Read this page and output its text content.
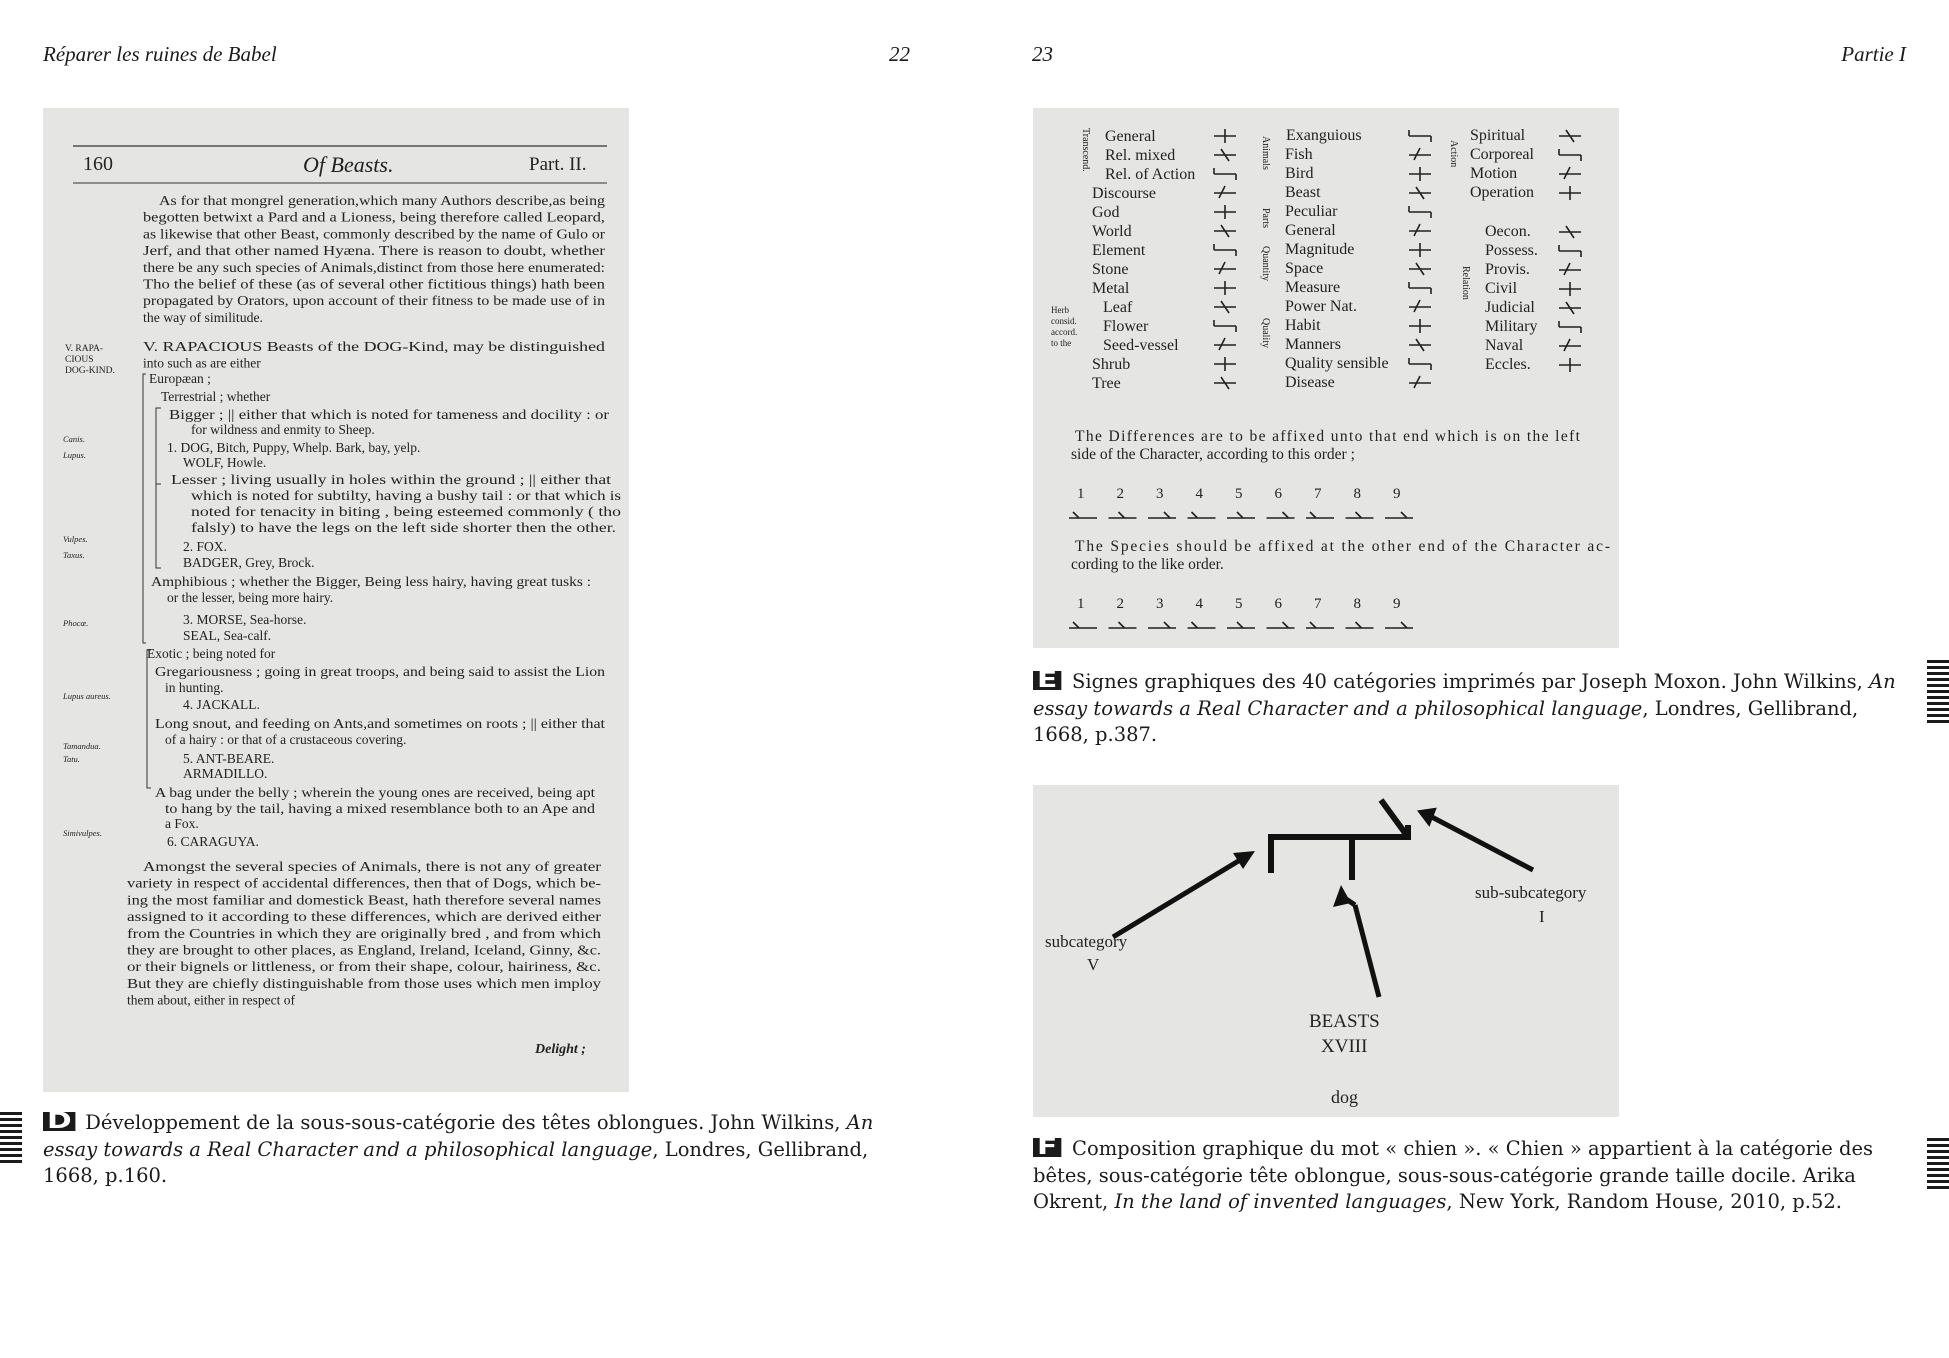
Réparer les ruines de Babel	22	23	Partie I
160	Of Beasts.	Part. II.
As for that mongrel generation,which many Authors describe,as being
begotten betwixt a Pard and a Lioness, being therefore called Leopard,
as likewise that other Beast, commonly described by the name of Gulo or
Jerf, and that other named Hyæna. There is reason to doubt, whether
there be any such species of Animals,distinct from those here enumerated:
Tho the belief of these (as of several other fictitious things) hath been
propagated by Orators, upon account of their fitness to be made use of in
the way of similitude.
V. RAPA-
CIOUS
DOG-KIND.
V. RAPACIOUS Beasts of the DOG-Kind, may be distinguished
into such as are either
Canis.
Lupus.
Vulpes.
Taxus.
Phocæ.
Lupus aureus.
Tamandua.
Tatu.
Simivulpes.
Europæan ;
Terrestrial ; whether
Bigger ; || either that which is noted for tameness and docility : or
for wildness and enmity to Sheep.
1. DOG, Bitch, Puppy, Whelp. Bark, bay, yelp.
WOLF, Howle.
Lesser ; living usually in holes within the ground ; || either that
which is noted for subtilty, having a bushy tail : or that which is
noted for tenacity in biting , being esteemed commonly ( tho
falsly) to have the legs on the left side shorter then the other.
2. FOX.
BADGER, Grey, Brock.
Amphibious ; whether the Bigger, Being less hairy, having great tusks :
or the lesser, being more hairy.
3. MORSE, Sea-horse.
SEAL, Sea-calf.
Exotic ; being noted for
Gregariousness ; going in great troops, and being said to assist the Lion
in hunting.
4. JACKALL.
Long snout, and feeding on Ants,and sometimes on roots ; || either that
of a hairy : or that of a crustaceous covering.
5. ANT-BEARE.
ARMADILLO.
A bag under the belly ; wherein the young ones are received, being apt
to hang by the tail, having a mixed resemblance both to an Ape and
a Fox.
6. CARAGUYA.
Amongst the several species of Animals, there is not any of greater
variety in respect of accidental differences, then that of Dogs, which be-
ing the most familiar and domestick Beast, hath therefore several names
assigned to it according to these differences, which are derived either
from the Countries in which they are originally bred , and from which
they are brought to other places, as England, Ireland, Iceland, Ginny, &c.
or their bignels or littleness, or from their shape, colour, hairiness, &c.
But they are chiefly distinguishable from those uses which men imploy
them about, either in respect of
Delight ;
D Développement de la sous-sous-catégorie des têtes oblongues. John Wilkins, An essay towards a Real Character and a philosophical language, Londres, Gellibrand, 1668, p.160.
General
Rel. mixed
Rel. of Action
Discourse
God
World
Element
Stone
Metal
Leaf
Flower
Seed-vessel
Shrub
Tree
Exanguious
Fish
Bird
Beast
Peculiar
General
Magnitude
Space
Measure
Power Nat.
Habit
Manners
Quality sensible
Disease
Spiritual
Corporeal
Motion
Operation
Oecon.
Possess.
Provis.
Civil
Judicial
Military
Naval
Eccles.
Transcend.
Herb
consid.
accord.
to the
Animals
Parts
Quantity
Quality
Action
Relation
The Differences are to be affixed unto that end which is on the left
side of the Character, according to this order ;
The Species should be affixed at the other end of the Character ac-
cording to the like order.
1 2 3 4 5 6 7 8 9
1 2 3 4 5 6 7 8 9
E Signes graphiques des 40 catégories imprimés par Joseph Moxon. John Wilkins, An essay towards a Real Character and a philosophical language, Londres, Gellibrand, 1668, p.387.
subcategory
V
sub-subcategory
I
BEASTS
XVIII
dog
F Composition graphique du mot « chien ». « Chien » appartient à la catégorie des bêtes, sous-catégorie tête oblongue, sous-sous-catégorie grande taille docile. Arika Okrent, In the land of invented languages, New York, Random House, 2010, p.52.
